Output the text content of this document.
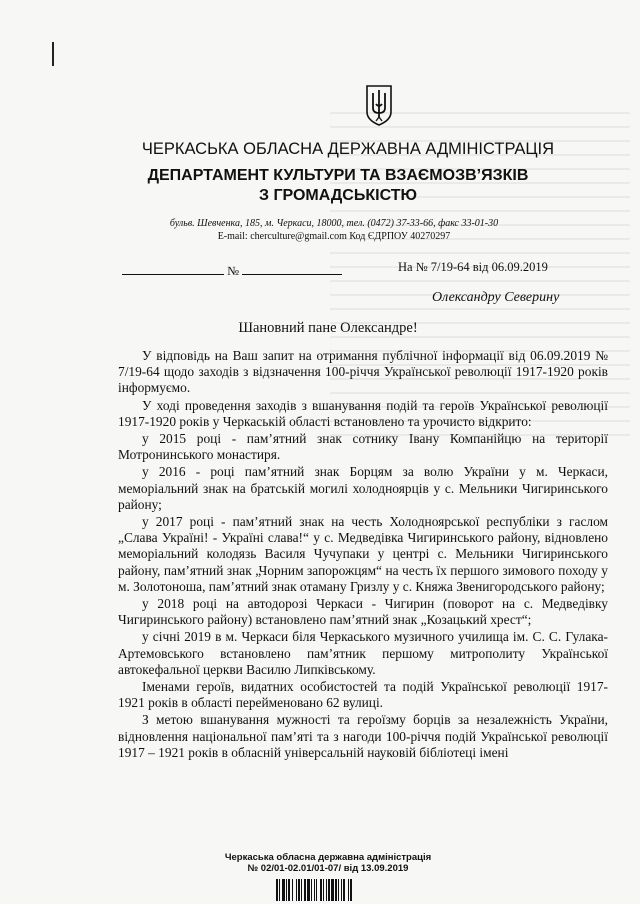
ЧЕРКАСЬКА ОБЛАСНА ДЕРЖАВНА АДМІНІСТРАЦІЯ
ДЕПАРТАМЕНТ КУЛЬТУРИ ТА ВЗАЄМОЗВ’ЯЗКІВ
З ГРОМАДСЬКІСТЮ
бульв. Шевченка, 185, м. Черкаси, 18000, тел. (0472) 37-33-66, факс 33-01-30
E-mail: cherculture@gmail.com Код ЄДРПОУ 40270297
№	На № 7/19-64 від 06.09.2019
Олександру Северину
Шановний пане Олександре!

У відповідь на Ваш запит на отримання публічної інформації від 06.09.2019 № 7/19-64 щодо заходів з відзначення 100-річчя Української революції 1917-1920 років інформуємо.

У ході проведення заходів з вшанування подій та героїв Української революції 1917-1920 років у Черкаській області встановлено та урочисто відкрито:

у 2015 році - пам’ятний знак сотнику Івану Компанійцю на території Мотронинського монастиря.

у 2016 - році пам’ятний знак Борцям за волю України у м. Черкаси, меморіальний знак на братській могилі холодноярців у с. Мельники Чигиринського району;

у 2017 році - пам’ятний знак на честь Холодноярської республіки з гаслом „Слава Україні! - Україні слава!“ у с. Медведівка Чигиринського району, відновлено меморіальний колодязь Василя Чучупаки у центрі с. Мельники Чигиринського району, пам’ятний знак „Чорним запорожцям“ на честь їх першого зимового походу у м. Золотоноша, пам’ятний знак отаману Гризлу у с. Княжа Звенигородського району;

у 2018 році на автодорозі Черкаси - Чигирин (поворот на с. Медведівку Чигиринського району) встановлено пам’ятний знак „Козацький хрест“;

у січні 2019 в м. Черкаси біля Черкаського музичного училища ім. С. С. Гулака-Артемовського встановлено пам’ятник першому митрополиту Української автокефальної церкви Василю Липківському.

Іменами героїв, видатних особистостей та подій Української революції 1917-1921 років в області перейменовано 62 вулиці.

З метою вшанування мужності та героїзму борців за незалежність України, відновлення національної пам’яті та з нагоди 100-річчя подій Української революції 1917 – 1921 років в обласній універсальній науковій бібліотеці імені

Черкаська обласна державна адміністрація
№ 02/01-02.01/01-07/ від 13.09.2019
